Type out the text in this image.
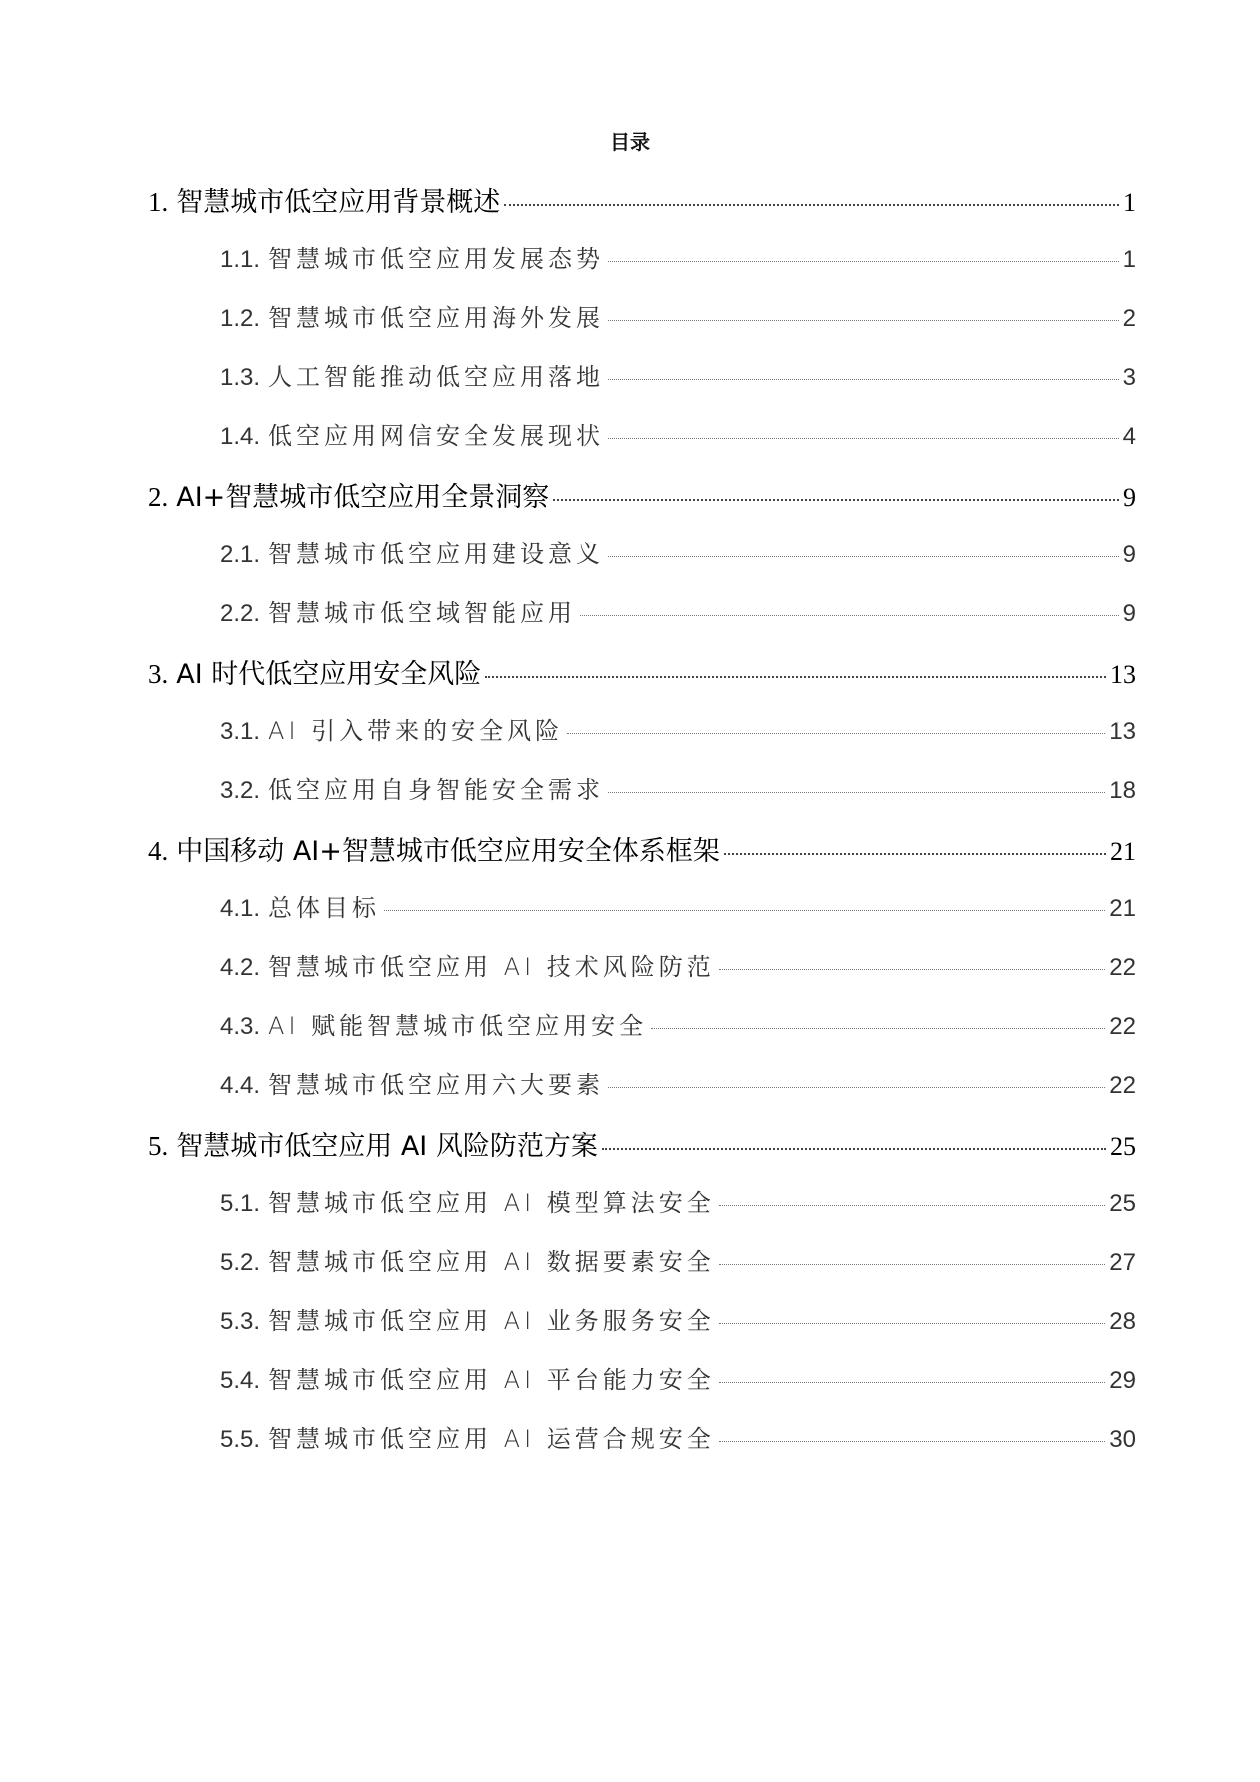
目录
1. 智慧城市低空应用背景概述	1
1.1. 智慧城市低空应用发展态势	1
1.2. 智慧城市低空应用海外发展	2
1.3. 人工智能推动低空应用落地	3
1.4. 低空应用网信安全发展现状	4
2. AI+智慧城市低空应用全景洞察	9
2.1. 智慧城市低空应用建设意义	9
2.2. 智慧城市低空域智能应用	9
3. AI 时代低空应用安全风险	13
3.1. AI 引入带来的安全风险	13
3.2. 低空应用自身智能安全需求	18
4. 中国移动 AI+智慧城市低空应用安全体系框架	21
4.1. 总体目标	21
4.2. 智慧城市低空应用 AI 技术风险防范	22
4.3. AI 赋能智慧城市低空应用安全	22
4.4. 智慧城市低空应用六大要素	22
5. 智慧城市低空应用 AI 风险防范方案	25
5.1. 智慧城市低空应用 AI 模型算法安全	25
5.2. 智慧城市低空应用 AI 数据要素安全	27
5.3. 智慧城市低空应用 AI 业务服务安全	28
5.4. 智慧城市低空应用 AI 平台能力安全	29
5.5. 智慧城市低空应用 AI 运营合规安全	30
